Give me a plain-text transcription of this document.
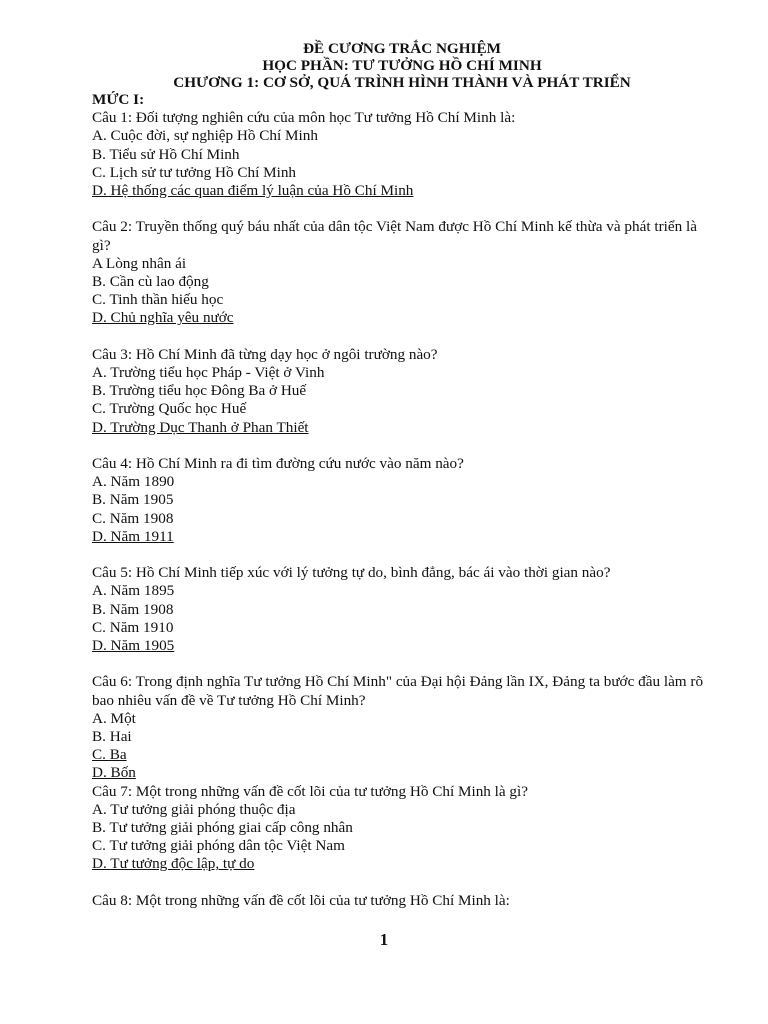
ĐỀ CƯƠNG TRẮC NGHIỆM
HỌC PHẦN: TƯ TƯỞNG HỒ CHÍ MINH
CHƯƠNG 1: CƠ SỞ, QUÁ TRÌNH HÌNH THÀNH VÀ PHÁT TRIỂN
MỨC I:
Câu 1: Đối tượng nghiên cứu của môn học Tư tưởng Hồ Chí Minh là:
A. Cuộc đời, sự nghiệp Hồ Chí Minh
B. Tiểu sử Hồ Chí Minh
C. Lịch sử tư tưởng Hồ Chí Minh
D. Hệ thống các quan điểm lý luận của Hồ Chí Minh
Câu 2: Truyền thống quý báu nhất của dân tộc Việt Nam được Hồ Chí Minh kế thừa và phát triển là gì?
A Lòng nhân ái
B. Cần cù lao động
C. Tinh thần hiếu học
D. Chủ nghĩa yêu nước
Câu 3: Hồ Chí Minh đã từng dạy học ở ngôi trường nào?
A. Trường tiểu học Pháp - Việt ở Vinh
B. Trường tiểu học Đông Ba ở Huế
C. Trường Quốc học Huế
D. Trường Dục Thanh ở Phan Thiết
Câu 4: Hồ Chí Minh ra đi tìm đường cứu nước vào năm nào?
A. Năm 1890
B. Năm 1905
C. Năm 1908
D. Năm 1911
Câu 5: Hồ Chí Minh tiếp xúc với lý tưởng tự do, bình đẳng, bác ái vào thời gian nào?
A. Năm 1895
B. Năm 1908
C. Năm 1910
D. Năm 1905
Câu 6: Trong định nghĩa Tư tưởng Hồ Chí Minh" của Đại hội Đảng lần IX, Đảng ta bước đầu làm rõ bao nhiêu vấn đề về Tư tưởng Hồ Chí Minh?
A. Một
B. Hai
C. Ba
D. Bốn
Câu 7: Một trong những vấn đề cốt lõi của tư tưởng Hồ Chí Minh là gì?
A. Tư tưởng giải phóng thuộc địa
B. Tư tưởng giải phóng giai cấp công nhân
C. Tư tưởng giải phóng dân tộc Việt Nam
D. Tư tưởng độc lập, tự do
Câu 8: Một trong những vấn đề cốt lõi của tư tưởng Hồ Chí Minh là:
1
